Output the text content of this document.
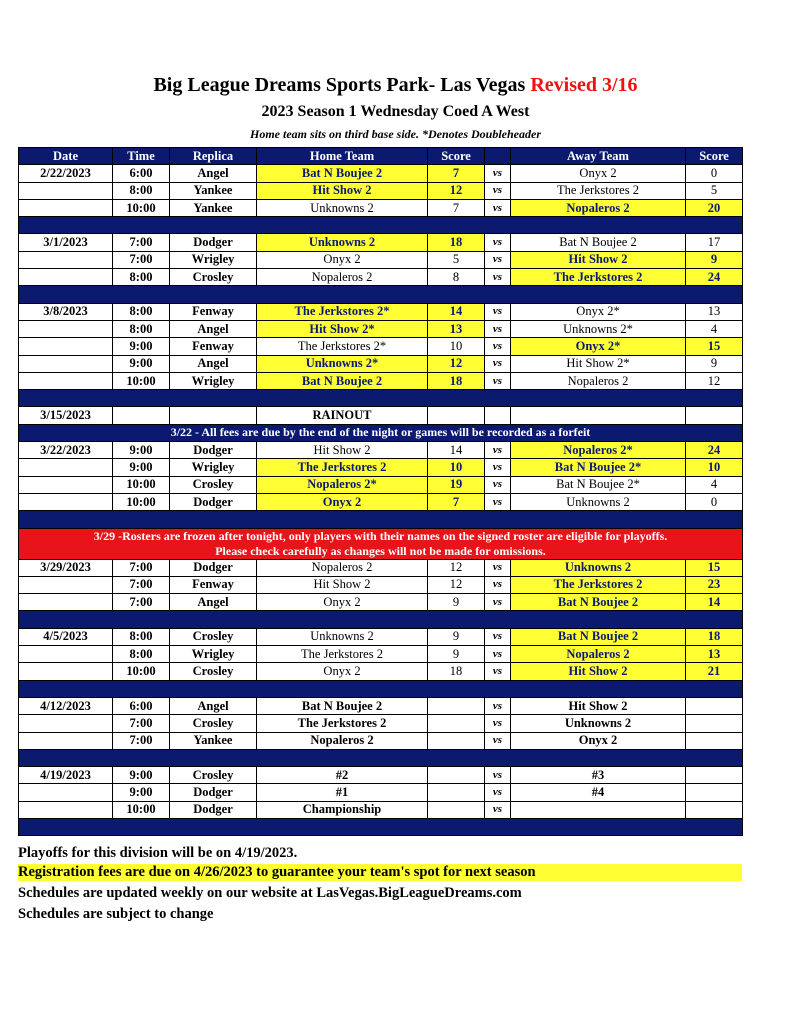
Big League Dreams Sports Park- Las Vegas Revised 3/16
2023 Season 1 Wednesday Coed A West
Home team sits on third base side. *Denotes Doubleheader
Date	Time	Replica	Home Team	Score		Away Team	Score
2/22/2023	6:00	Angel	Bat N Boujee 2	7	vs	Onyx 2	0
	8:00	Yankee	Hit Show 2	12	vs	The Jerkstores 2	5
	10:00	Yankee	Unknowns 2	7	vs	Nopaleros 2	20

3/1/2023	7:00	Dodger	Unknowns 2	18	vs	Bat N Boujee 2	17
	7:00	Wrigley	Onyx 2	5	vs	Hit Show 2	9
	8:00	Crosley	Nopaleros 2	8	vs	The Jerkstores 2	24

3/8/2023	8:00	Fenway	The Jerkstores 2*	14	vs	Onyx 2*	13
	8:00	Angel	Hit Show 2*	13	vs	Unknowns 2*	4
	9:00	Fenway	The Jerkstores 2*	10	vs	Onyx 2*	15
	9:00	Angel	Unknowns 2*	12	vs	Hit Show 2*	9
	10:00	Wrigley	Bat N Boujee 2	18	vs	Nopaleros 2	12

3/15/2023			RAINOUT				
3/22 - All fees are due by the end of the night or games will be recorded as a forfeit							
3/22/2023	9:00	Dodger	Hit Show 2	14	vs	Nopaleros 2*	24
	9:00	Wrigley	The Jerkstores 2	10	vs	Bat N Boujee 2*	10
	10:00	Crosley	Nopaleros 2*	19	vs	Bat N Boujee 2*	4
	10:00	Dodger	Onyx 2	7	vs	Unknowns 2	0

3/29 -Rosters are frozen after tonight, only players with their names on the signed roster are eligible for playoffs.
Please check carefully as changes will not be made for omissions.							

3/29/2023	7:00	Dodger	Nopaleros 2	12	vs	Unknowns 2	15
	7:00	Fenway	Hit Show 2	12	vs	The Jerkstores 2	23
	7:00	Angel	Onyx 2	9	vs	Bat N Boujee 2	14

4/5/2023	8:00	Crosley	Unknowns 2	9	vs	Bat N Boujee 2	18
	8:00	Wrigley	The Jerkstores 2	9	vs	Nopaleros 2	13
	10:00	Crosley	Onyx 2	18	vs	Hit Show 2	21

4/12/2023	6:00	Angel	Bat N Boujee 2		vs	Hit Show 2	
	7:00	Crosley	The Jerkstores 2		vs	Unknowns 2	
	7:00	Yankee	Nopaleros 2		vs	Onyx 2	

4/19/2023	9:00	Crosley	#2		vs	#3	
	9:00	Dodger	#1		vs	#4	
	10:00	Dodger	Championship		vs		

Playoffs for this division will be on 4/19/2023.
Registration fees are due on 4/26/2023 to guarantee your team's spot for next season
Schedules are updated weekly on our website at LasVegas.BigLeagueDreams.com
Schedules are subject to change
